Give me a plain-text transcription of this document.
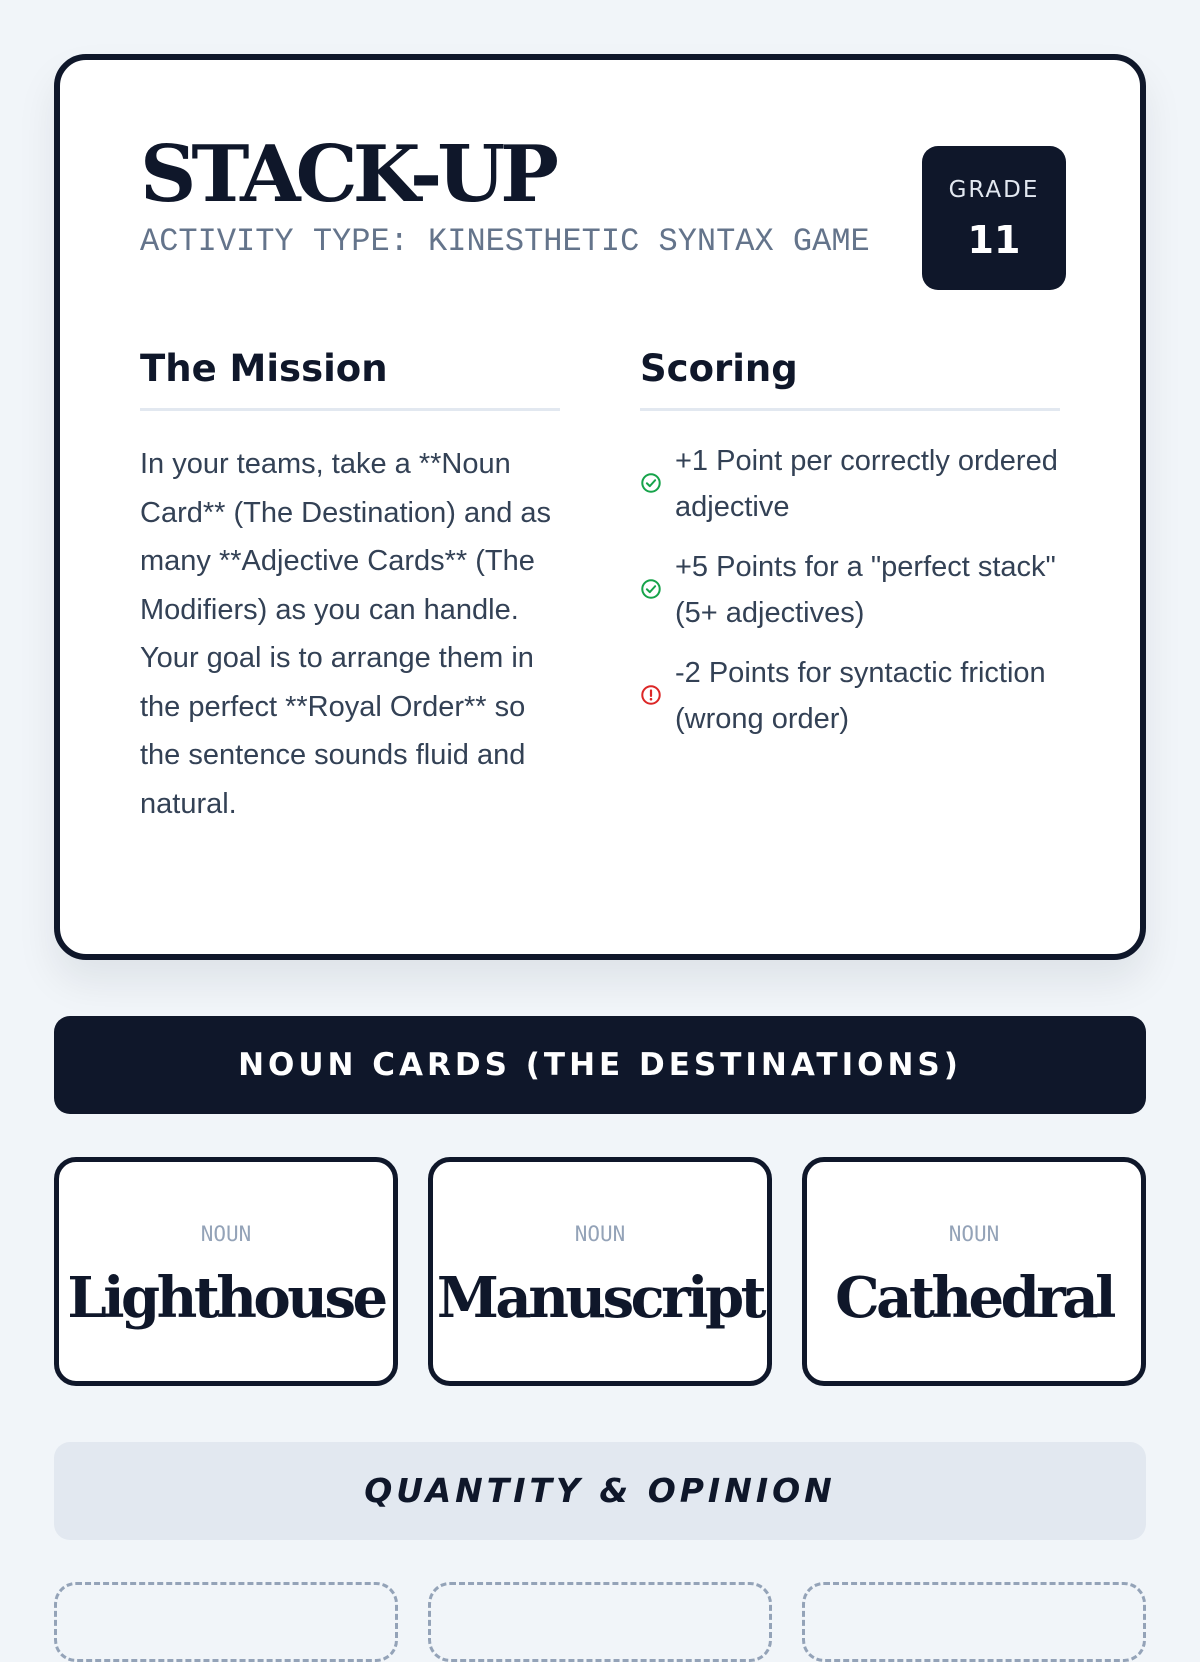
STACK-UP
ACTIVITY TYPE: KINESTHETIC SYNTAX GAME
GRADE
11
The Mission

In your teams, take a **Noun Card** (The Destination) and as many **Adjective Cards** (The Modifiers) as you can handle. Your goal is to arrange them in the perfect **Royal Order** so the sentence sounds fluid and natural.

Scoring
+1 Point per correctly ordered adjective
+5 Points for a "perfect stack" (5+ adjectives)
-2 Points for syntactic friction (wrong order)
NOUN CARDS (THE DESTINATIONS)
NOUN
Lighthouse
NOUN
Manuscript
NOUN
Cathedral
QUANTITY & OPINION
